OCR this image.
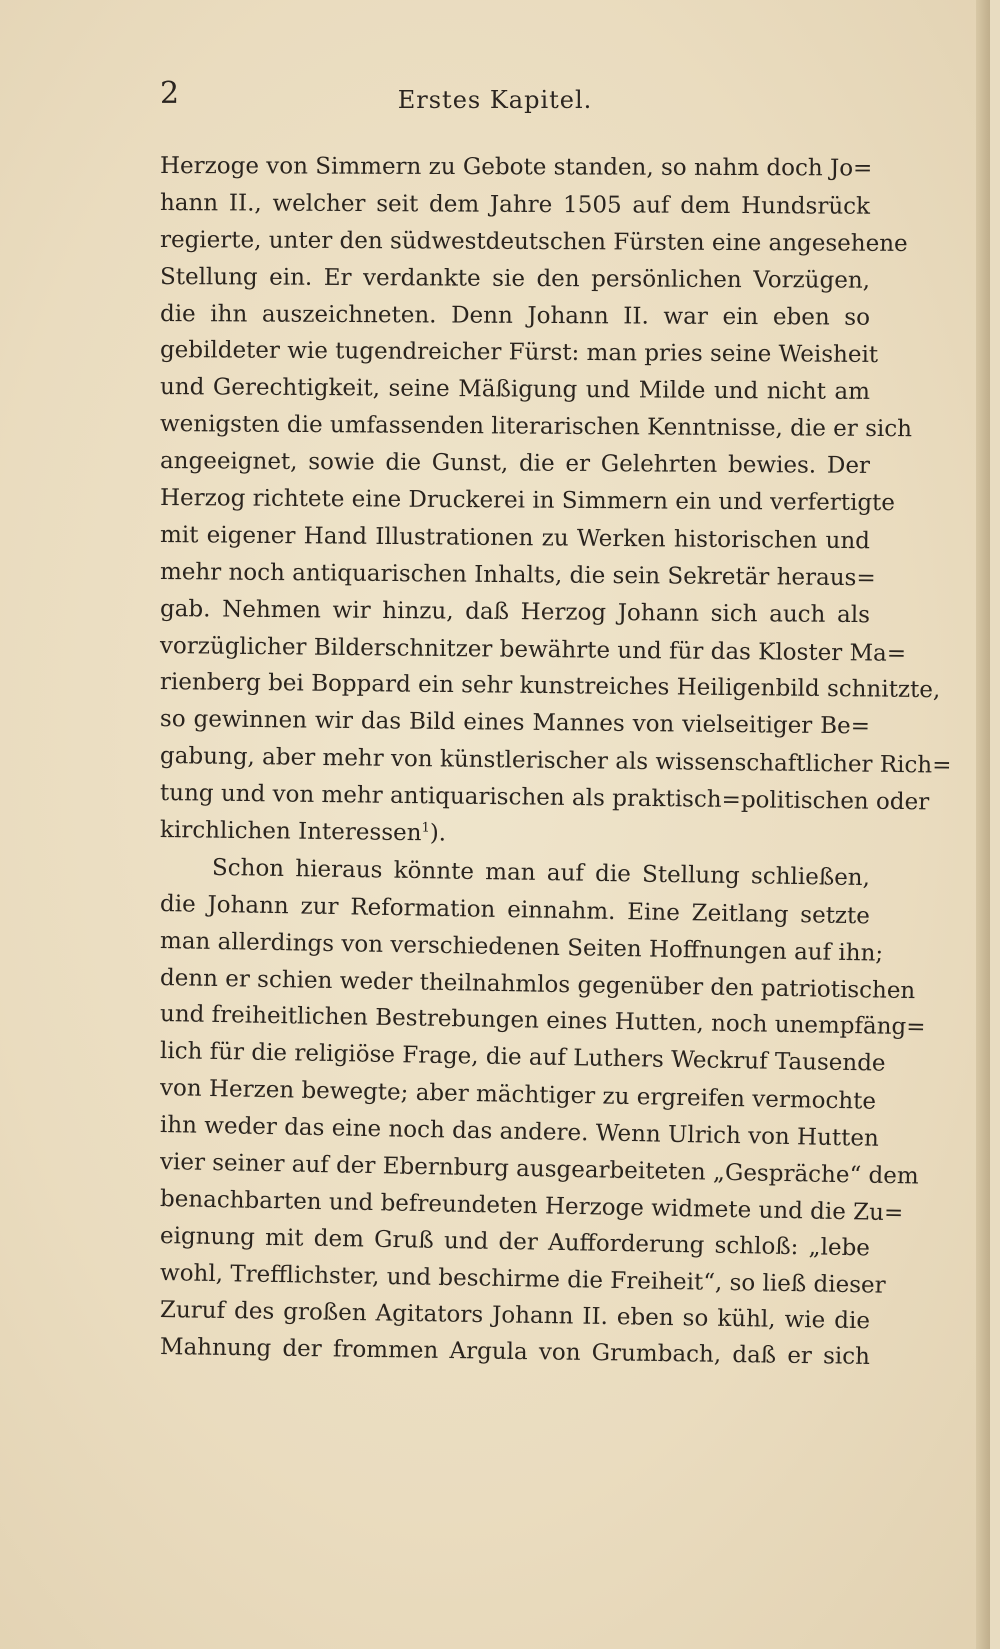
2	Erstes Kapitel.
Herzoge von Simmern zu Gebote standen, so nahm doch Jo=
hann II., welcher seit dem Jahre 1505 auf dem Hundsrück
regierte, unter den südwestdeutschen Fürsten eine angesehene
Stellung ein. Er verdankte sie den persönlichen Vorzügen,
die ihn auszeichneten. Denn Johann II. war ein eben so
gebildeter wie tugendreicher Fürst: man pries seine Weisheit
und Gerechtigkeit, seine Mäßigung und Milde und nicht am
wenigsten die umfassenden literarischen Kenntnisse, die er sich
angeeignet, sowie die Gunst, die er Gelehrten bewies. Der
Herzog richtete eine Druckerei in Simmern ein und verfertigte
mit eigener Hand Illustrationen zu Werken historischen und
mehr noch antiquarischen Inhalts, die sein Sekretär heraus=
gab. Nehmen wir hinzu, daß Herzog Johann sich auch als
vorzüglicher Bilderschnitzer bewährte und für das Kloster Ma=
rienberg bei Boppard ein sehr kunstreiches Heiligenbild schnitzte,
so gewinnen wir das Bild eines Mannes von vielseitiger Be=
gabung, aber mehr von künstlerischer als wissenschaftlicher Rich=
tung und von mehr antiquarischen als praktisch=politischen oder
kirchlichen Interessen$^1$).
Schon hieraus könnte man auf die Stellung schließen,
die Johann zur Reformation einnahm. Eine Zeitlang setzte
man allerdings von verschiedenen Seiten Hoffnungen auf ihn;
denn er schien weder theilnahmlos gegenüber den patriotischen
und freiheitlichen Bestrebungen eines Hutten, noch unempfäng=
lich für die religiöse Frage, die auf Luthers Weckruf Tausende
von Herzen bewegte; aber mächtiger zu ergreifen vermochte
ihn weder das eine noch das andere. Wenn Ulrich von Hutten
vier seiner auf der Ebernburg ausgearbeiteten „Gespräche“ dem
benachbarten und befreundeten Herzoge widmete und die Zu=
eignung mit dem Gruß und der Aufforderung schloß: „lebe
wohl, Trefflichster, und beschirme die Freiheit“, so ließ dieser
Zuruf des großen Agitators Johann II. eben so kühl, wie die
Mahnung der frommen Argula von Grumbach, daß er sich
